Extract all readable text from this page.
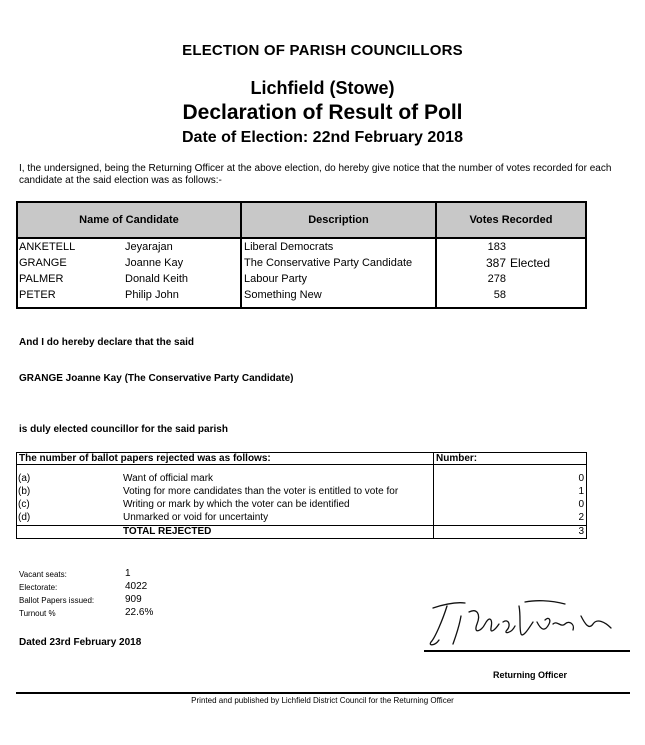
ELECTION OF PARISH COUNCILLORS
Lichfield (Stowe)
Declaration of Result of Poll
Date of Election: 22nd February 2018
I, the undersigned, being the Returning Officer at the above election, do hereby give notice that the number of votes recorded for each candidate at the said election was as follows:-
Name of Candidate	Description	Votes Recorded
ANKETELL	Jeyarajan	Liberal Democrats	183
GRANGE	Joanne Kay	The Conservative Party Candidate	387 Elected
PALMER	Donald Keith	Labour Party	278
PETER	Philip John	Something New	58
And I do hereby declare that the said
GRANGE Joanne Kay (The Conservative Party Candidate)
is duly elected councillor for the said parish
The number of ballot papers rejected was as follows:	Number:
(a)	Want of official mark	0
(b)	Voting for more candidates than the voter is entitled to vote for	1
(c)	Writing or mark by which the voter can be identified	0
(d)	Unmarked or void for uncertainty	2
TOTAL REJECTED	3
Vacant seats:	1
Electorate:	4022
Ballot Papers issued:	909
Turnout %	22.6%
Dated 23rd February 2018
Returning Officer
Printed and published by Lichfield District Council for the Returning Officer
